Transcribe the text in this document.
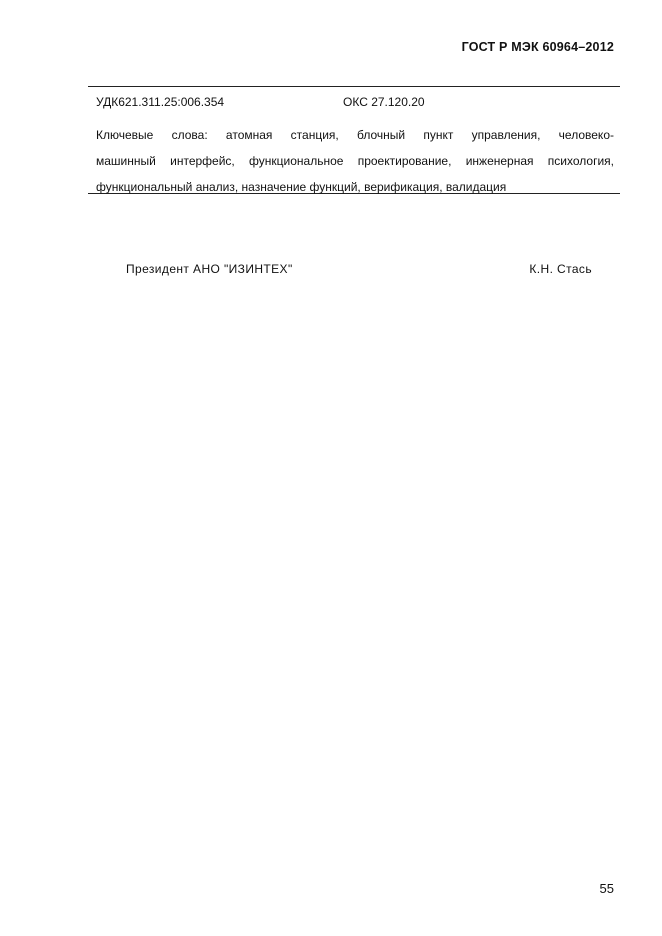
ГОСТ Р МЭК 60964–2012
УДК621.311.25:006.354	ОКС 27.120.20
Ключевые слова: атомная станция, блочный пункт управления, человеко-
машинный интерфейс, функциональное проектирование, инженерная психология,
функциональный анализ, назначение функций, верификация, валидация
Президент АНО "ИЗИНТЕХ"	К.Н. Стась
55
